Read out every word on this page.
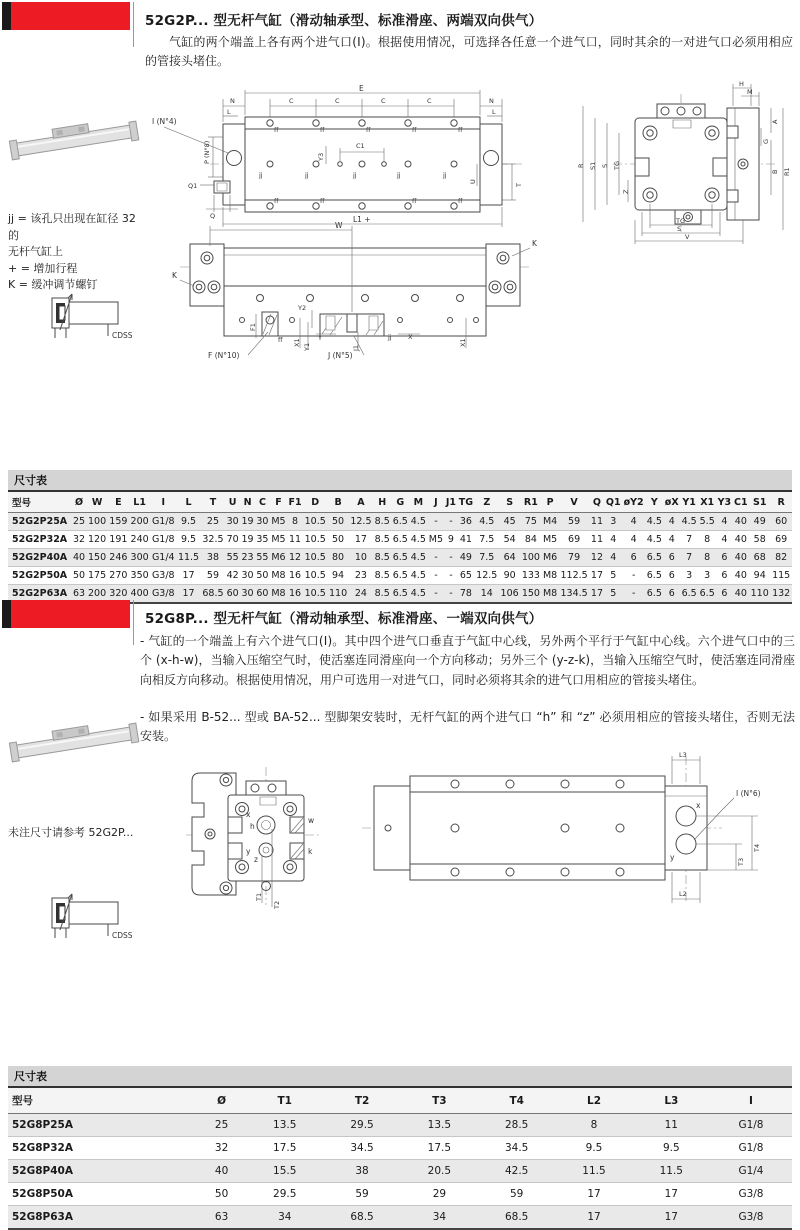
52G2P... 型无杆气缸（滑动轴承型、标准滑座、两端双向供气）
气缸的两个端盖上各有两个进气口(Ⅰ)。根据使用情况，可选择各任意一个进气口，同时其余的一对进气口必须用相应的管接头堵住。
jj = 该孔只出现在缸径 32 的
无杆气缸上
+ = 增加行程
K = 缓冲调节螺钉
CDSS
ff	ff	ff	ff	ff
ff	ff	ff	ff
jj	jj	jj	jj	jj
E
C	C	C	C
N	N
L	L
I (N°4)
P (N°8)
Q1
Q
Y3
C1
U
T
L1 +
H
M
R S1 S TG
Z
A
G
B R1
TG
S
V
W
K
K
Y2
F1
ff X1 Y1
Y
J1
jj	X
X1
F (N°10)	J (N°5)
尺寸表
型号	Ø	W	E	L1	I	L	T	U	N	C	F	F1	D	B	A	H	G	M	J	J1	TG	Z	S	R1	P	V	Q	Q1	øY2	Y	øX	Y1	X1	Y3	C1	S1	R
52G2P25A	25	100	159	200	G1/8	9.5	25	30	19	30	M5	8	10.5	50	12.5	8.5	6.5	4.5	-	-	36	4.5	45	75	M4	59	11	3	4	4.5	4	4.5	5.5	4	40	49	60
52G2P32A	32	120	191	240	G1/8	9.5	32.5	70	19	35	M5	11	10.5	50	17	8.5	6.5	4.5	M5	9	41	7.5	54	84	M5	69	11	4	4	4.5	4	7	8	4	40	58	69
52G2P40A	40	150	246	300	G1/4	11.5	38	55	23	55	M6	12	10.5	80	10	8.5	6.5	4.5	-	-	49	7.5	64	100	M6	79	12	4	6	6.5	6	7	8	6	40	68	82
52G2P50A	50	175	270	350	G3/8	17	59	42	30	50	M8	16	10.5	94	23	8.5	6.5	4.5	-	-	65	12.5	90	133	M8	112.5	17	5	-	6.5	6	3	3	6	40	94	115
52G2P63A	63	200	320	400	G3/8	17	68.5	60	30	60	M8	16	10.5	110	24	8.5	6.5	4.5	-	-	78	14	106	150	M8	134.5	17	5	-	6.5	6	6.5	6.5	6	40	110	132
52G8P... 型无杆气缸（滑动轴承型、标准滑座、一端双向供气）
- 气缸的一个端盖上有六个进气口(Ⅰ)。其中四个进气口垂直于气缸中心线，另外两个平行于气缸中心线。六个进气口中的三个 (x-h-w)，当输入压缩空气时，使活塞连同滑座向一个方向移动；另外三个 (y-z-k)，当输入压缩空气时，使活塞连同滑座向相反方向移动。根据使用情况，用户可选用一对进气口，同时必须将其余的进气口用相应的管接头堵住。
- 如果采用 B-52... 型或 BA-52... 型脚架安装时，无杆气缸的两个进气口 “h” 和 “z” 必须用相应的管接头堵住，否则无法安装。
未注尺寸请参考 52G2P...
CDSS
x
h
w
y
z
k
T1
T2
x
y
L3
I (N°6)
T4
T3
L2
尺寸表
型号	Ø	T1	T2	T3	T4	L2	L3	I
52G8P25A	25	13.5	29.5	13.5	28.5	8	11	G1/8
52G8P32A	32	17.5	34.5	17.5	34.5	9.5	9.5	G1/8
52G8P40A	40	15.5	38	20.5	42.5	11.5	11.5	G1/4
52G8P50A	50	29.5	59	29	59	17	17	G3/8
52G8P63A	63	34	68.5	34	68.5	17	17	G3/8
